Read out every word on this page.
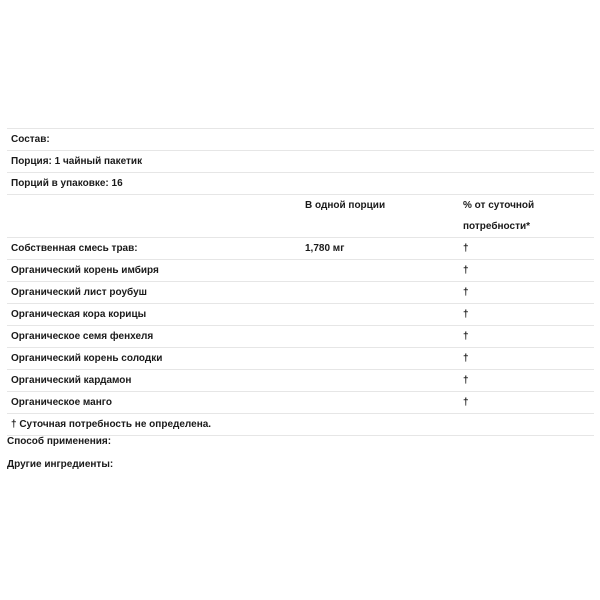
Состав:		
Порция: 1 чайный пакетик		
Порций в упаковке: 16		
	В одной порции	% от суточной
потребности*

Собственная смесь трав:	1,780 мг	†
Органический корень имбиря		†
Органический лист роубуш		†
Органическая кора корицы		†
Органическое семя фенхеля		†
Органический корень солодки		†
Органический кардамон		†
Органическое манго		†
† Суточная потребность не определена.		
Способ применения:
Другие ингредиенты:
